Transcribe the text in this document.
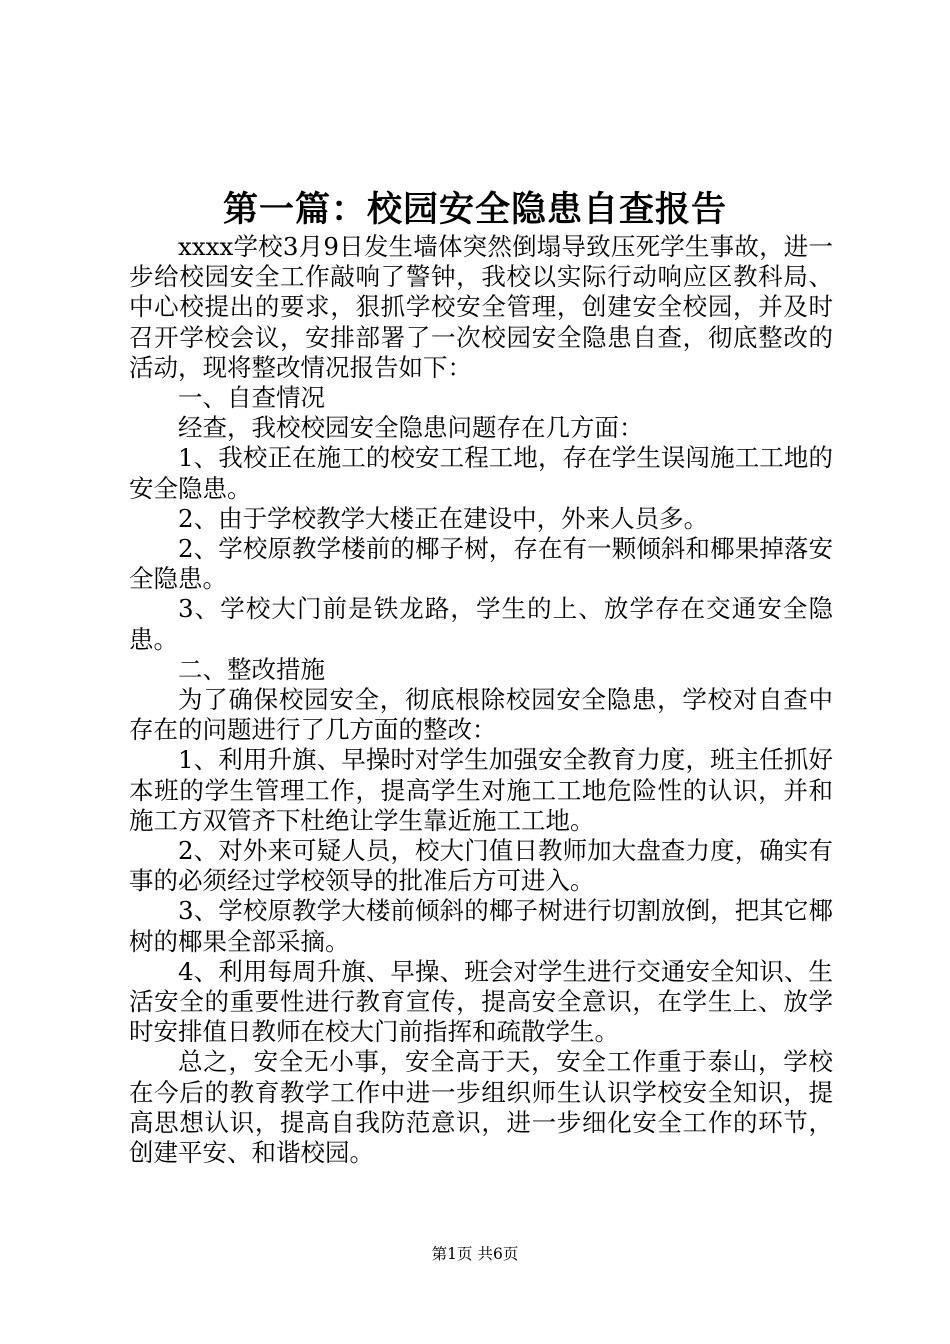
第一篇：校园安全隐患自查报告

xxxx学校3月9日发生墙体突然倒塌导致压死学生事故，进一步给校园安全工作敲响了警钟，我校以实际行动响应区教科局、中心校提出的要求，狠抓学校安全管理，创建安全校园，并及时召开学校会议，安排部署了一次校园安全隐患自查，彻底整改的活动，现将整改情况报告如下：

一、自查情况

经查，我校校园安全隐患问题存在几方面：

1、我校正在施工的校安工程工地，存在学生误闯施工工地的安全隐患。

2、由于学校教学大楼正在建设中，外来人员多。

2、学校原教学楼前的椰子树，存在有一颗倾斜和椰果掉落安全隐患。

3、学校大门前是铁龙路，学生的上、放学存在交通安全隐患。

二、整改措施

为了确保校园安全，彻底根除校园安全隐患，学校对自查中存在的问题进行了几方面的整改：

1、利用升旗、早操时对学生加强安全教育力度，班主任抓好本班的学生管理工作，提高学生对施工工地危险性的认识，并和施工方双管齐下杜绝让学生靠近施工工地。

2、对外来可疑人员，校大门值日教师加大盘查力度，确实有事的必须经过学校领导的批准后方可进入。

3、学校原教学大楼前倾斜的椰子树进行切割放倒，把其它椰树的椰果全部采摘。

4、利用每周升旗、早操、班会对学生进行交通安全知识、生活安全的重要性进行教育宣传，提高安全意识，在学生上、放学时安排值日教师在校大门前指挥和疏散学生。

总之，安全无小事，安全高于天，安全工作重于泰山，学校在今后的教育教学工作中进一步组织师生认识学校安全知识，提高思想认识，提高自我防范意识，进一步细化安全工作的环节，创建平安、和谐校园。

第1页 共6页
